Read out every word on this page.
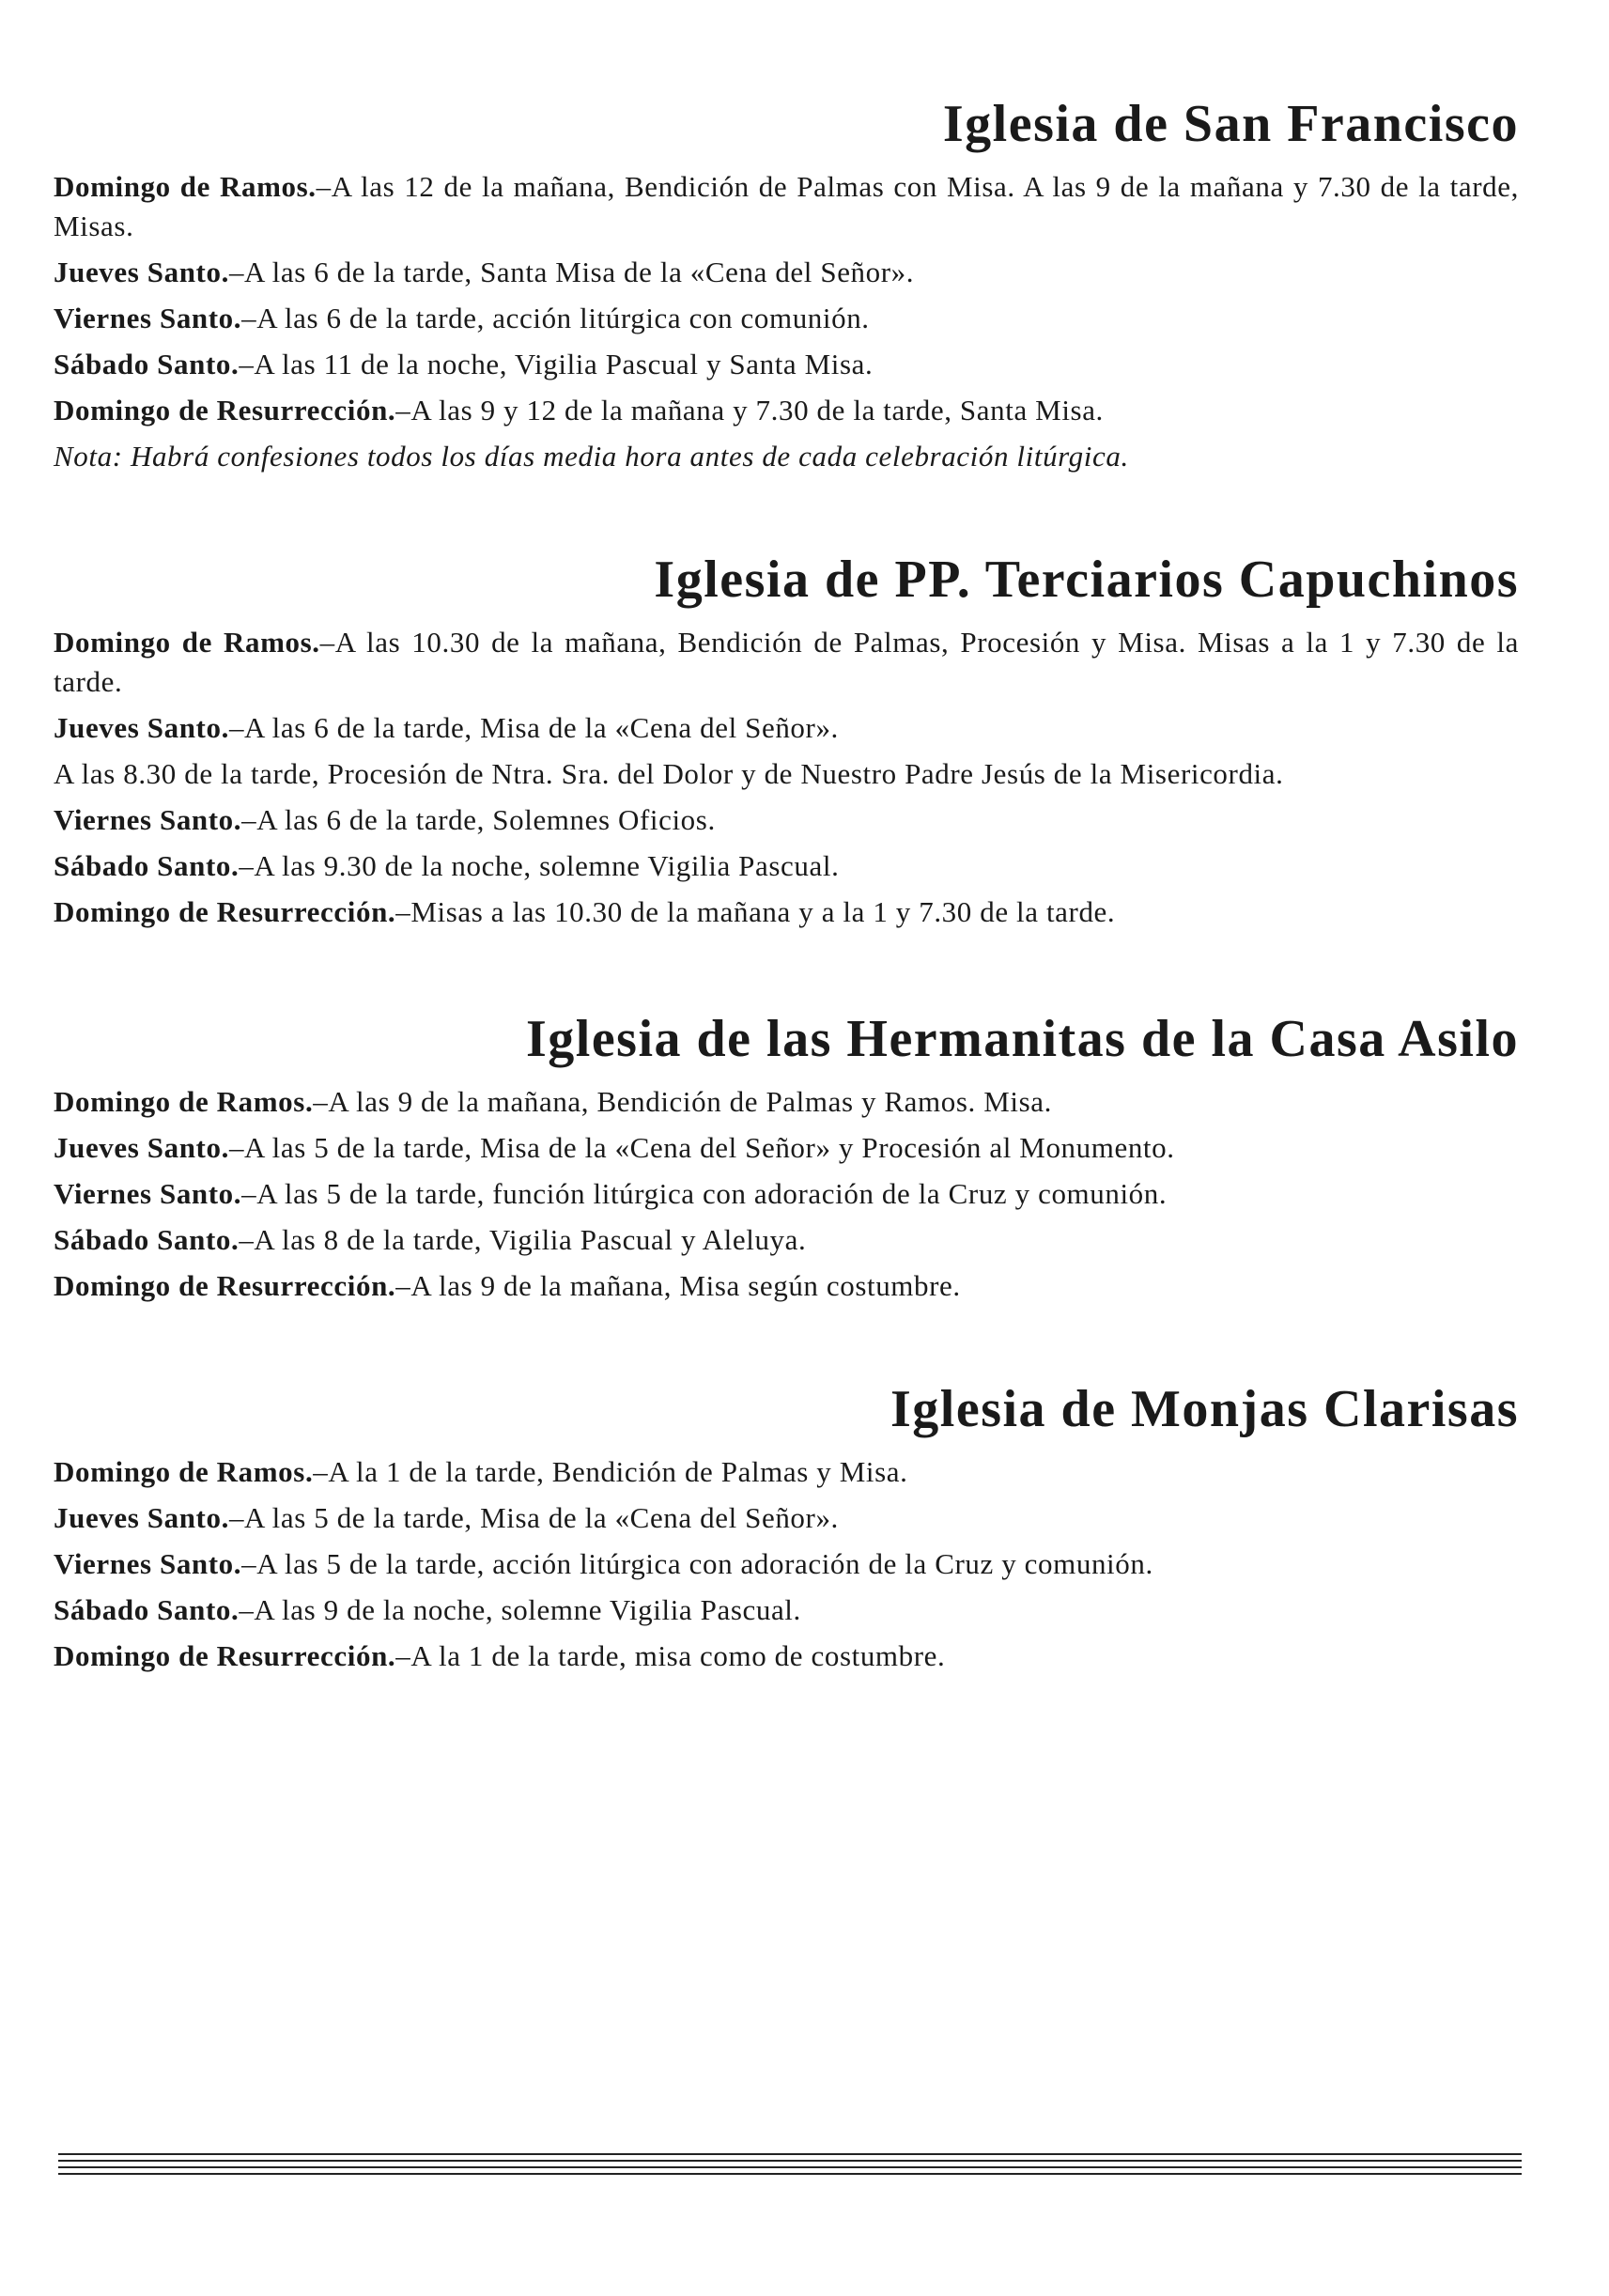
Iglesia de San Francisco

Domingo de Ramos.–A las 12 de la mañana, Bendición de Palmas con Misa. A las 9 de la mañana y 7.30 de la tarde, Misas.

Jueves Santo.–A las 6 de la tarde, Santa Misa de la «Cena del Señor».

Viernes Santo.–A las 6 de la tarde, acción litúrgica con comunión.

Sábado Santo.–A las 11 de la noche, Vigilia Pascual y Santa Misa.

Domingo de Resurrección.–A las 9 y 12 de la mañana y 7.30 de la tarde, Santa Misa.

Nota: Habrá confesiones todos los días media hora antes de cada celebración litúrgica.

Iglesia de PP. Terciarios Capuchinos

Domingo de Ramos.–A las 10.30 de la mañana, Bendición de Palmas, Procesión y Misa. Misas a la 1 y 7.30 de la tarde.

Jueves Santo.–A las 6 de la tarde, Misa de la «Cena del Señor».

A las 8.30 de la tarde, Procesión de Ntra. Sra. del Dolor y de Nuestro Padre Jesús de la Misericordia.

Viernes Santo.–A las 6 de la tarde, Solemnes Oficios.

Sábado Santo.–A las 9.30 de la noche, solemne Vigilia Pascual.

Domingo de Resurrección.–Misas a las 10.30 de la mañana y a la 1 y 7.30 de la tarde.

Iglesia de las Hermanitas de la Casa Asilo

Domingo de Ramos.–A las 9 de la mañana, Bendición de Palmas y Ramos. Misa.

Jueves Santo.–A las 5 de la tarde, Misa de la «Cena del Señor» y Procesión al Monumento.

Viernes Santo.–A las 5 de la tarde, función litúrgica con adoración de la Cruz y comunión.

Sábado Santo.–A las 8 de la tarde, Vigilia Pascual y Aleluya.

Domingo de Resurrección.–A las 9 de la mañana, Misa según costumbre.

Iglesia de Monjas Clarisas

Domingo de Ramos.–A la 1 de la tarde, Bendición de Palmas y Misa.

Jueves Santo.–A las 5 de la tarde, Misa de la «Cena del Señor».

Viernes Santo.–A las 5 de la tarde, acción litúrgica con adoración de la Cruz y comunión.

Sábado Santo.–A las 9 de la noche, solemne Vigilia Pascual.

Domingo de Resurrección.–A la 1 de la tarde, misa como de costumbre.
